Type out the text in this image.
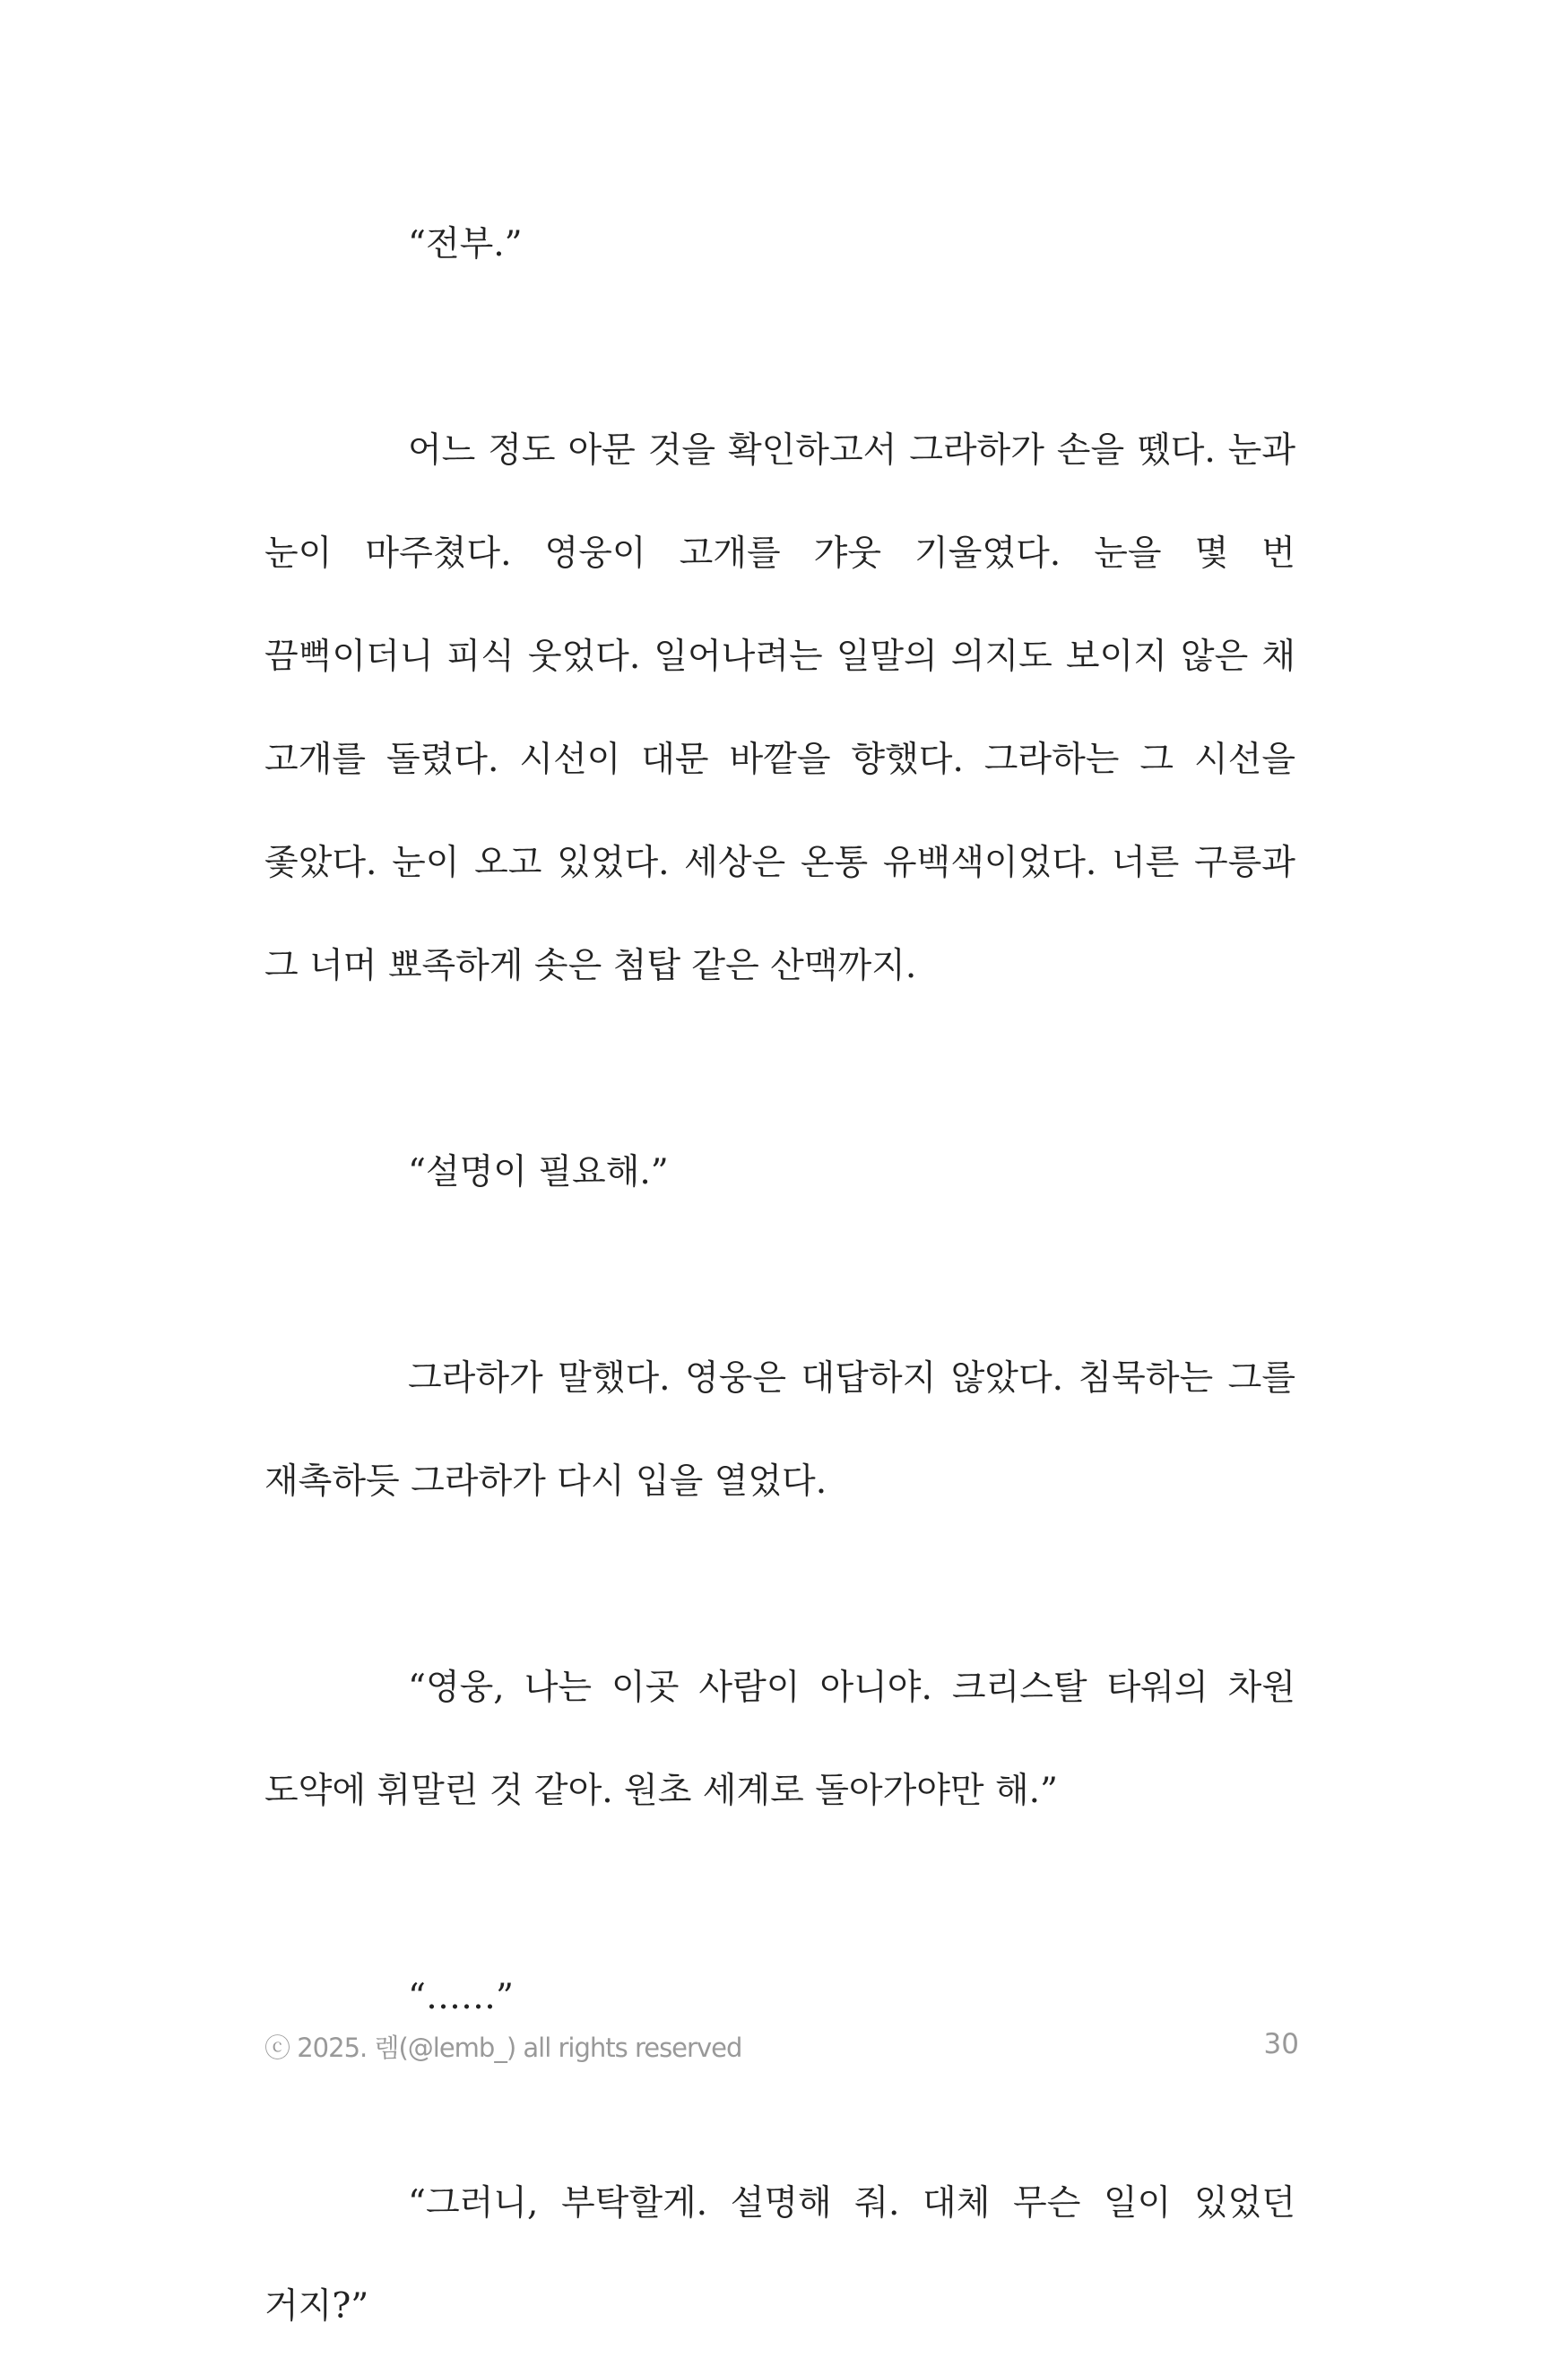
“전부.”

어느 정도 아문 것을 확인하고서 그라하가 손을 뗐다. 눈과 눈이 마주쳤다. 영웅이 고개를 갸웃 기울였다. 눈을 몇 번 끔뻑이더니 피식 웃었다. 일어나려는 일말의 의지도 보이지 않은 채 고개를 돌렸다. 시선이 대문 바깥을 향했다. 그라하는 그 시선을 좇았다. 눈이 오고 있었다. 세상은 온통 유백색이었다. 너른 구릉과 그 너머 뾰족하게 솟은 첨탑 같은 산맥까지.

“설명이 필요해.”

그라하가 말했다. 영웅은 대답하지 않았다. 침묵하는 그를 재촉하듯 그라하가 다시 입을 열었다.

“영웅, 나는 이곳 사람이 아니야. 크리스탈 타워의 차원 도약에 휘말린 것 같아. 원초 세계로 돌아가야만 해.”

“……”

“그러니, 부탁할게. 설명해 줘. 대체 무슨 일이 있었던 거지?”

ⓒ 2025. 렘(@lemb_) all rights reserved	30
